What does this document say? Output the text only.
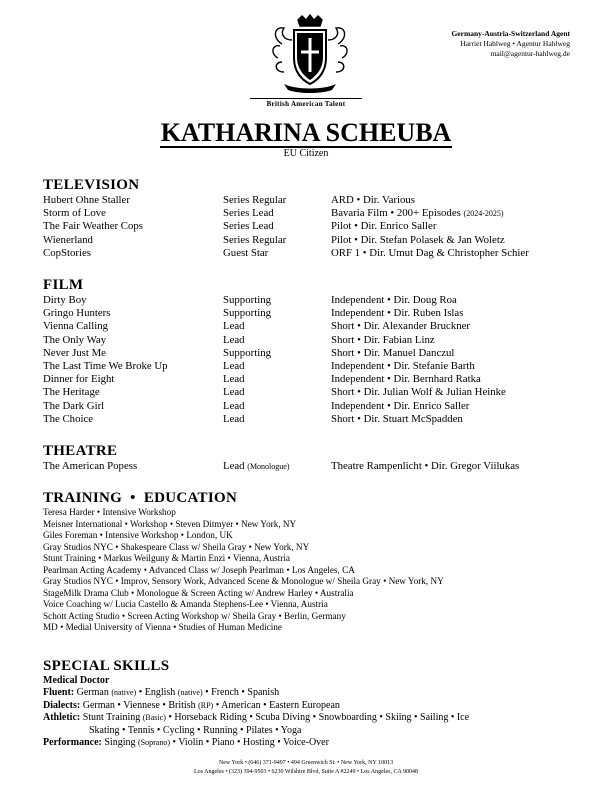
British American Talent
Germany-Austria-Switzerland Agent
Harriet Hahlweg • Agentur Hahlweg
mail@agentur-hahlweg.de
KATHARINA SCHEUBA
EU Citizen
TELEVISION
Hubert Ohne Staller	Series Regular	ARD • Dir. Various
Storm of Love	Series Lead	Bavaria Film • 200+ Episodes (2024-2025)
The Fair Weather Cops	Series Lead	Pilot • Dir. Enrico Saller
Wienerland	Series Regular	Pilot • Dir. Stefan Polasek & Jan Woletz
CopStories	Guest Star	ORF 1 • Dir. Umut Dag & Christopher Schier
FILM
Dirty Boy	Supporting	Independent • Dir. Doug Roa
Gringo Hunters	Supporting	Independent • Dir. Ruben Islas
Vienna Calling	Lead	Short • Dir. Alexander Bruckner
The Only Way	Lead	Short • Dir. Fabian Linz
Never Just Me	Supporting	Short • Dir. Manuel Danczul
The Last Time We Broke Up	Lead	Independent • Dir. Stefanie Barth
Dinner for Eight	Lead	Independent • Dir. Bernhard Ratka
The Heritage	Lead	Short • Dir. Julian Wolf & Julian Heinke
The Dark Girl	Lead	Independent • Dir. Enrico Saller
The Choice	Lead	Short • Dir. Stuart McSpadden
THEATRE
The American Popess	Lead (Monologue)	Theatre Rampenlicht • Dir. Gregor Viilukas
TRAINING  •  EDUCATION
Teresa Harder • Intensive Workshop
Meisner International • Workshop • Steven Ditmyer • New York, NY
Giles Foreman • Intensive Workshop • London, UK
Gray Studios NYC • Shakespeare Class w/ Sheila Gray • New York, NY
Stunt Training • Markus Weilguny & Martin Enzi • Vienna, Austria
Pearlman Acting Academy • Advanced Class w/ Joseph Pearlman • Los Angeles, CA
Gray Studios NYC • Improv, Sensory Work, Advanced Scene & Monologue w/ Sheila Gray • New York, NY
StageMilk Drama Club • Monologue & Screen Acting w/ Andrew Harley • Australia
Voice Coaching w/ Lucia Castello & Amanda Stephens-Lee • Vienna, Austria
Schott Acting Studio • Screen Acting Workshop w/ Sheila Gray • Berlin, Germany
MD • Medial University of Vienna • Studies of Human Medicine
SPECIAL SKILLS
Medical Doctor
Fluent: German (native) • English (native) • French • Spanish
Dialects: German • Viennese • British (RP) • American • Eastern European
Athletic: Stunt Training (Basic) • Horseback Riding • Scuba Diving • Snowboarding • Skiing • Sailing • Ice
Skating • Tennis • Cycling • Running • Pilates • Yoga
Performance: Singing (Soprano) • Violin • Piano • Hosting • Voice-Over
New York • (646) 371-9497 • 494 Greenwich St. • New York, NY 10013
Los Angeles • (323) 394-9503 • 6230 Wilshire Blvd, Suite A #2249 • Los Angeles, CA 90048
